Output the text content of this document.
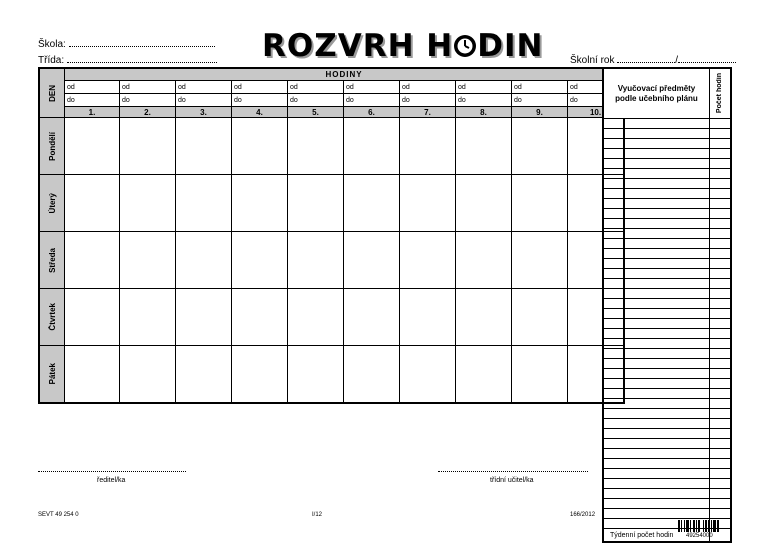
Škola:
Třída:	Školní rok	/
ROZVRH H DIN
DEN	HODINY									
	od	od	od	od	od	od	od	od	od	od
	do	do	do	do	do	do	do	do	do	do
	1.	2.	3.	4.	5.	6.	7.	8.	9.	10.

Pondělí										

Úterý										

Středa										

Čtvrtek										

Pátek										

Vyučovací předměty
podle učebního plánu	Počet hodin

Týdenní počet hodin	
ředitel/ka	třídní učitel/ka
SEVT 49 254 0	I/12	166/2012
49254000
